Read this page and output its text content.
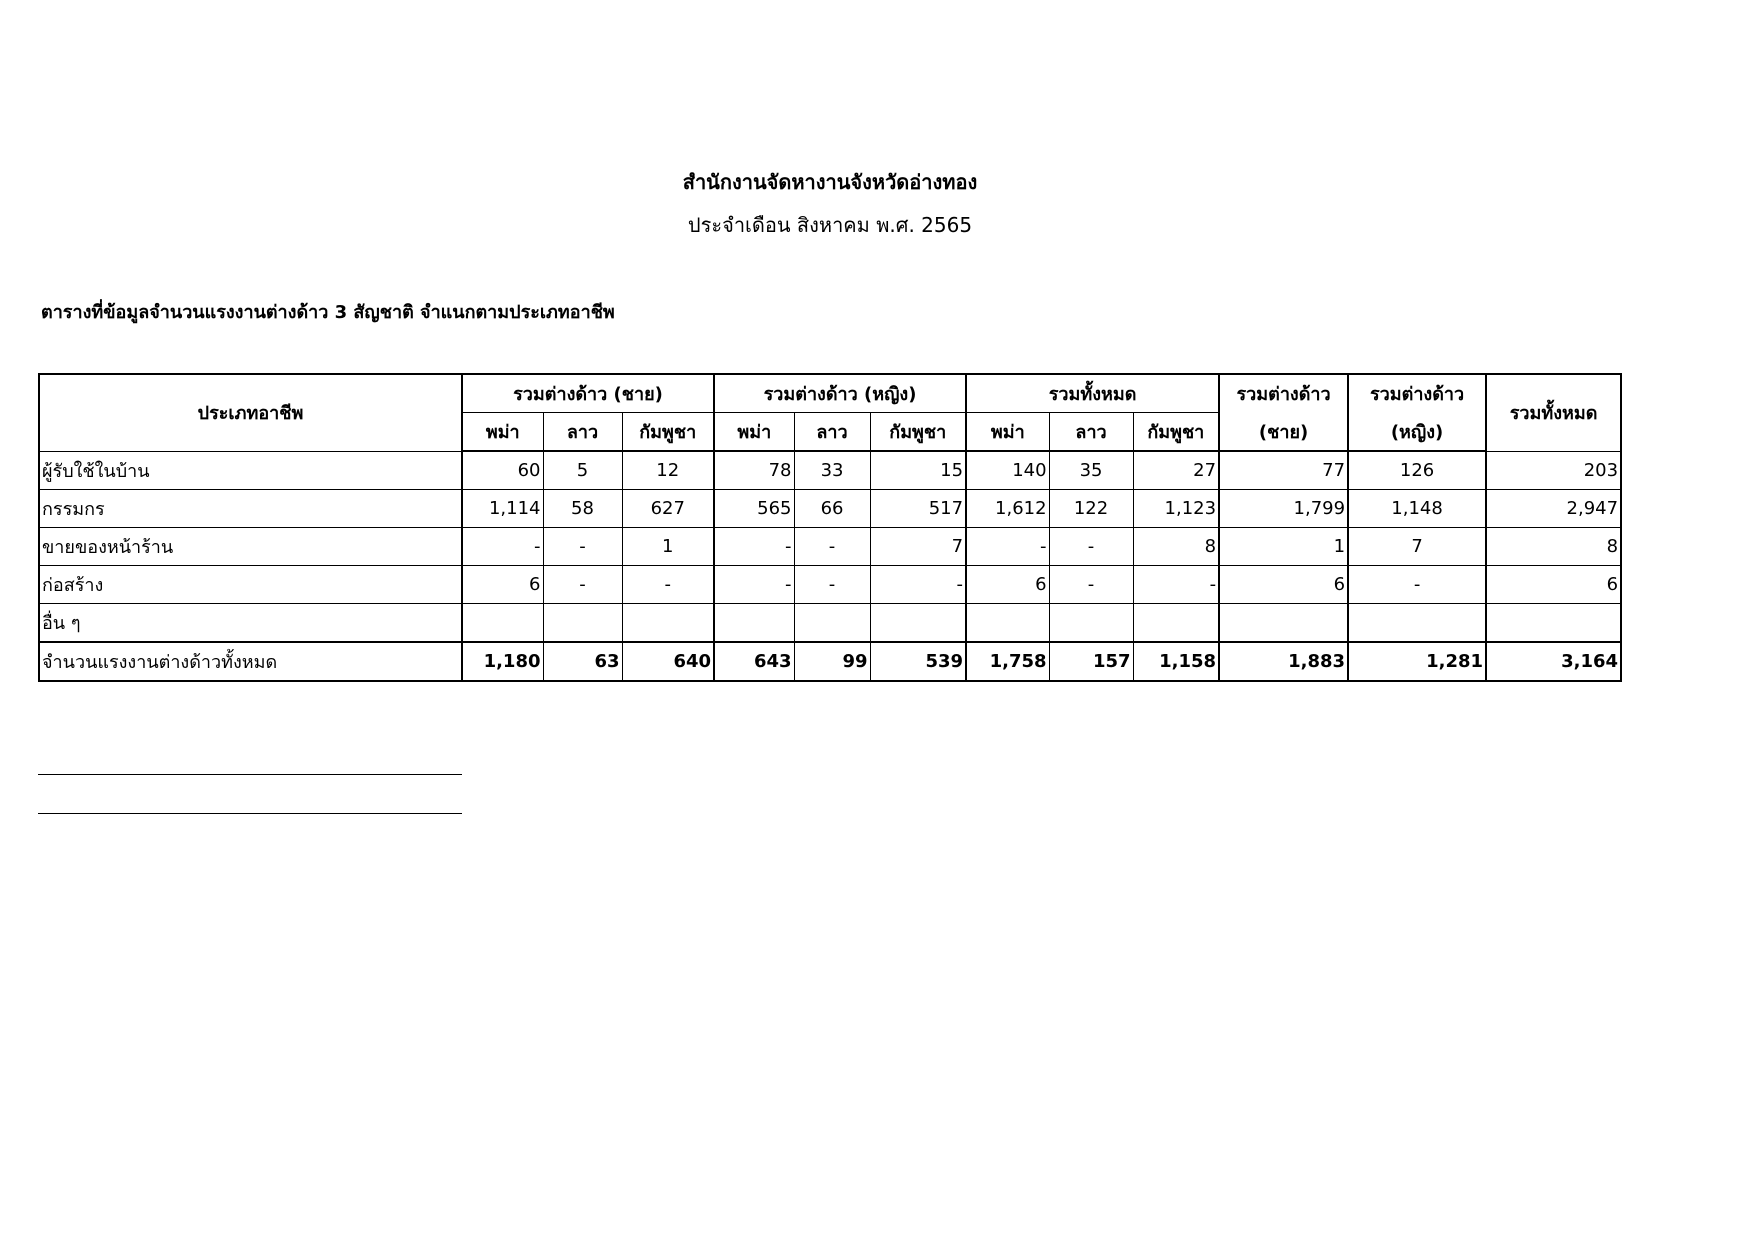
สำนักงานจัดหางานจังหวัดอ่างทอง
ประจำเดือน สิงหาคม พ.ศ. 2565
ตารางที่ข้อมูลจำนวนแรงงานต่างด้าว 3 สัญชาติ จำแนกตามประเภทอาชีพ
ประเภทอาชีพ	รวมต่างด้าว (ชาย)			รวมต่างด้าว (หญิง)			รวมทั้งหมด			รวมต่างด้าว	รวมต่างด้าว	รวมทั้งหมด
	พม่า	ลาว	กัมพูชา	พม่า	ลาว	กัมพูชา	พม่า	ลาว	กัมพูชา	(ชาย)	(หญิง)	
ผู้รับใช้ในบ้าน	60	5	12	78	33	15	140	35	27	77	126	203
กรรมกร	1,114	58	627	565	66	517	1,612	122	1,123	1,799	1,148	2,947
ขายของหน้าร้าน	-	-	1	-	-	7	-	-	8	1	7	8
ก่อสร้าง	6	-	-	-	-	-	6	-	-	6	-	6
อื่น ๆ												
จำนวนแรงงานต่างด้าวทั้งหมด	1,180	63	640	643	99	539	1,758	157	1,158	1,883	1,281	3,164
